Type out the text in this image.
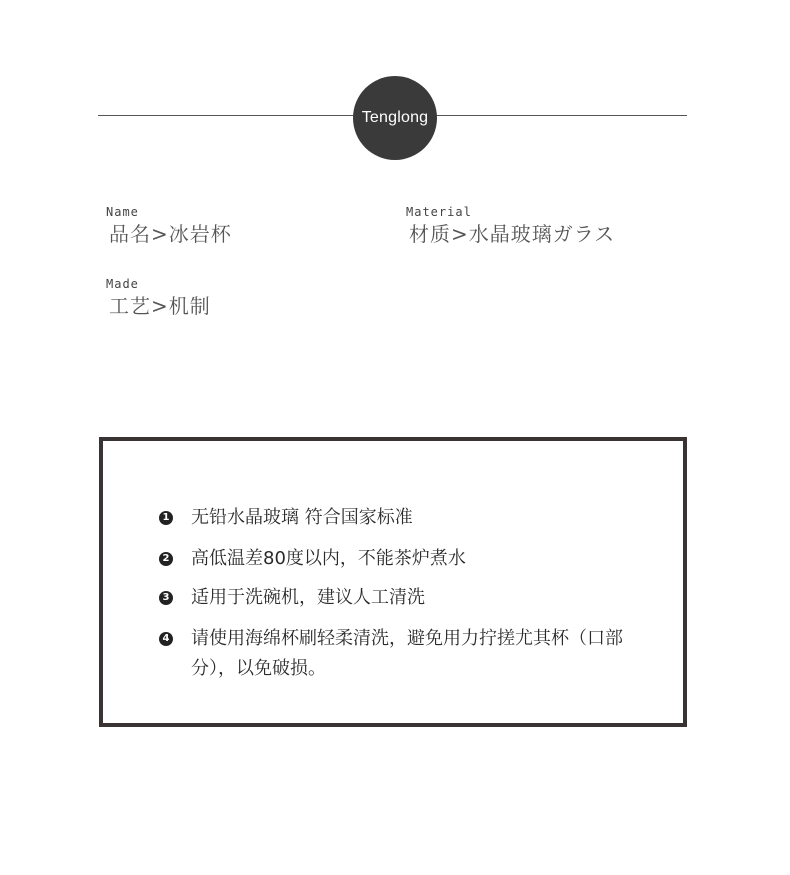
Tenglong
Name
品名>冰岩杯
Material
材质>水晶玻璃ガラス
Made
工艺>机制
1 无铅水晶玻璃 符合国家标准
2 高低温差80度以内，不能茶炉煮水
3 适用于洗碗机，建议人工清洗
4 请使用海绵杯刷轻柔清洗，避免用力拧搓尤其杯（口部分），以免破损。
